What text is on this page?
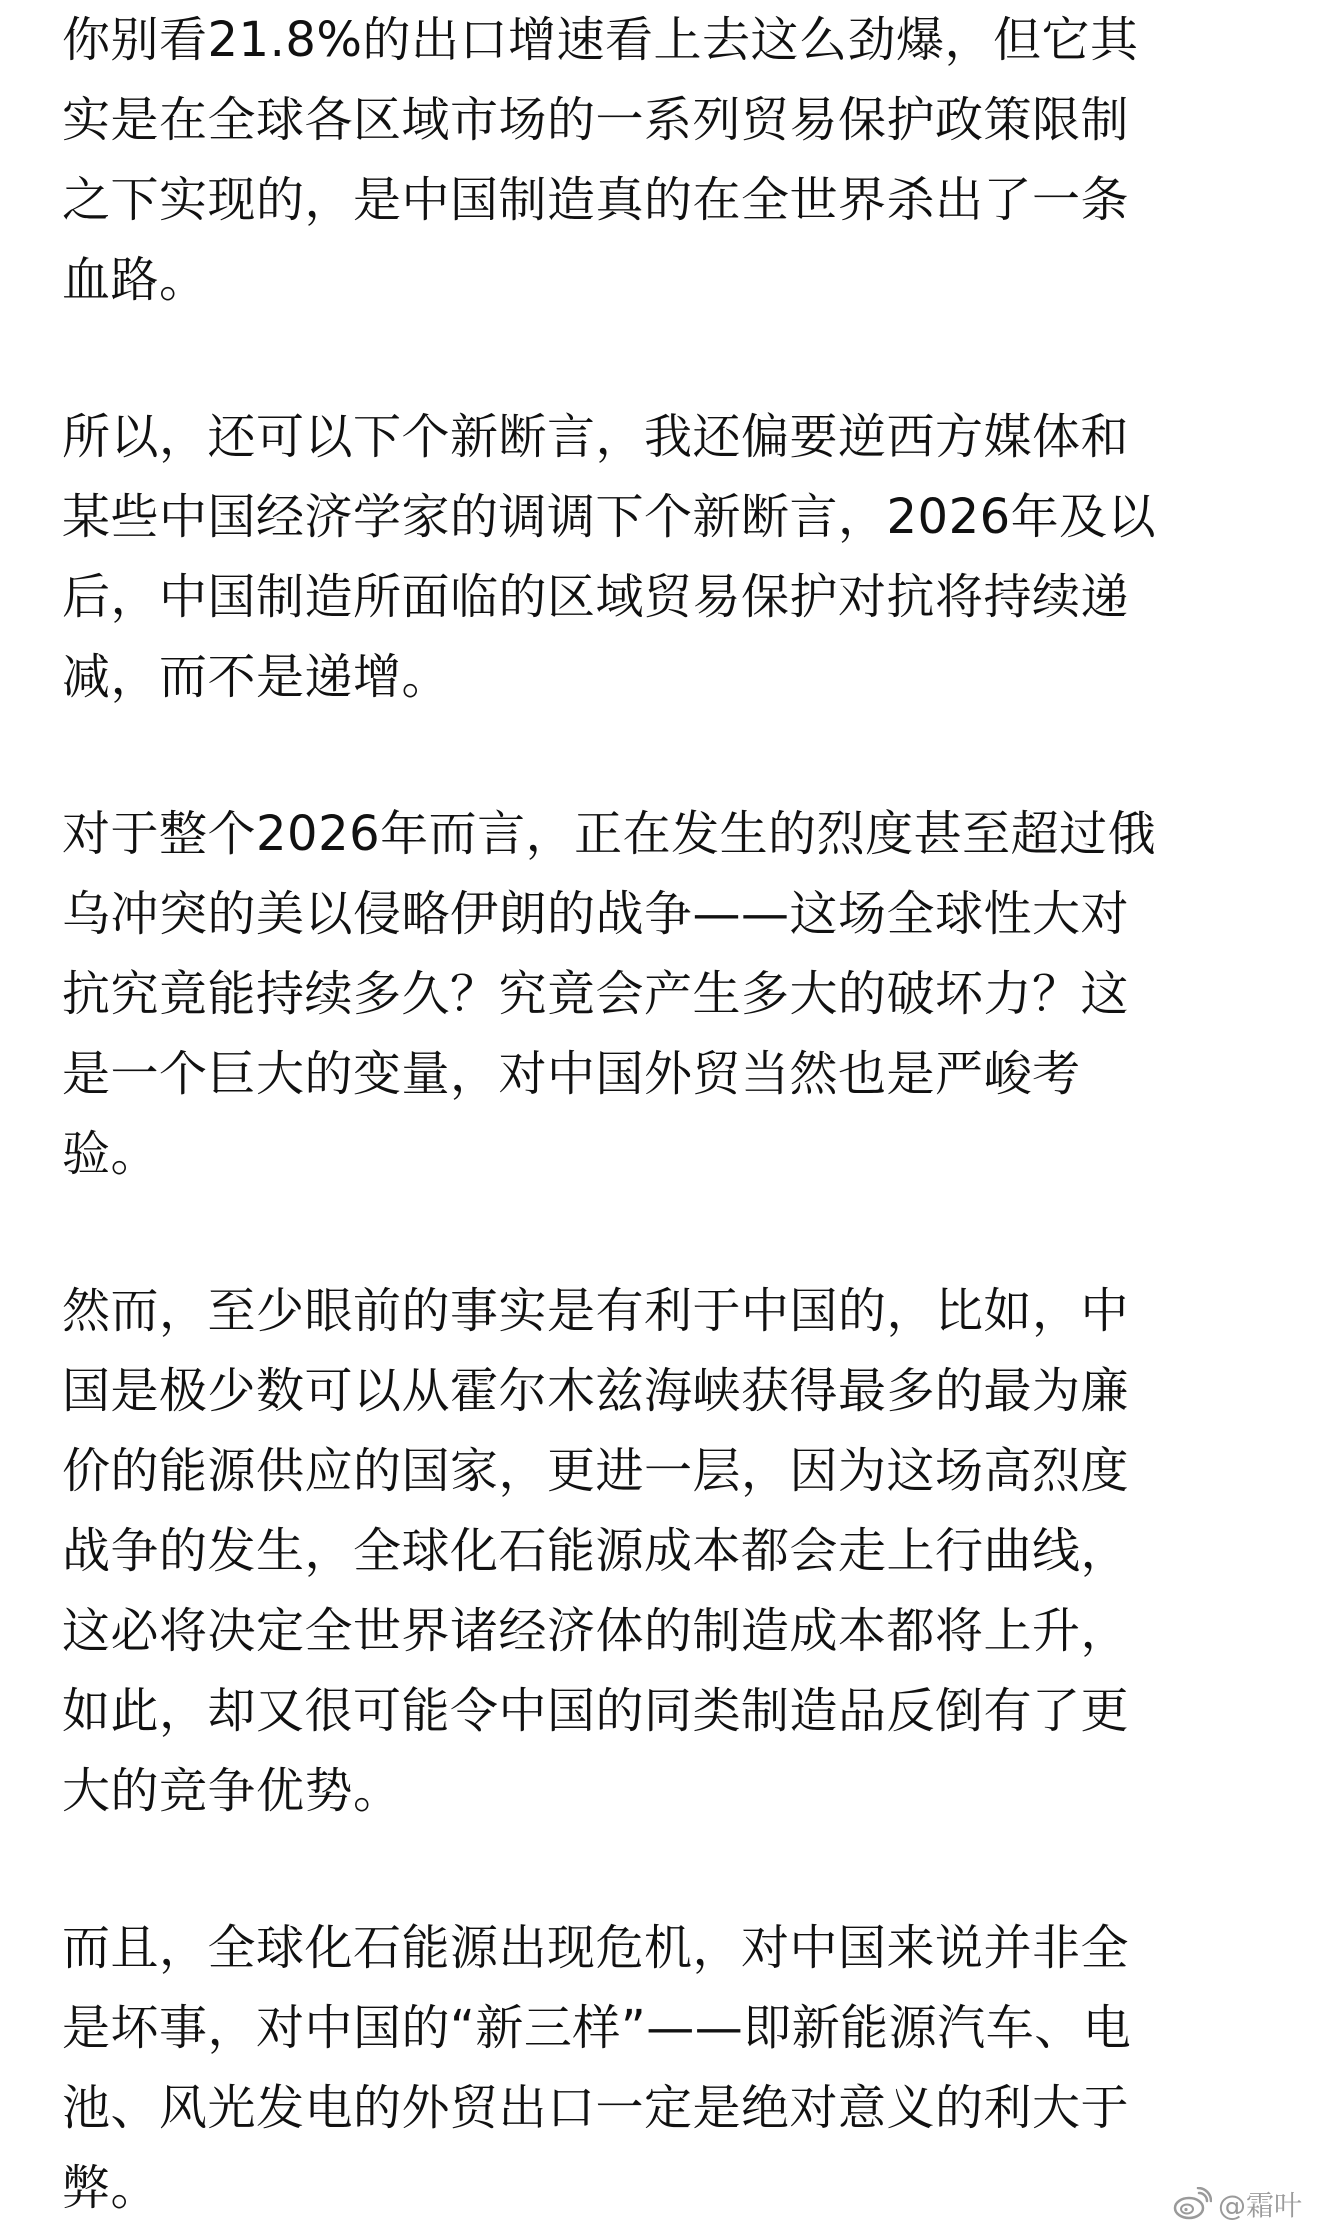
你别看21.8%的出口增速看上去这么劲爆，但它其
实是在全球各区域市场的一系列贸易保护政策限制
之下实现的，是中国制造真的在全世界杀出了一条
血路。
所以，还可以下个新断言，我还偏要逆西方媒体和
某些中国经济学家的调调下个新断言，2026年及以
后，中国制造所面临的区域贸易保护对抗将持续递
减，而不是递增。
对于整个2026年而言，正在发生的烈度甚至超过俄
乌冲突的美以侵略伊朗的战争——这场全球性大对
抗究竟能持续多久？究竟会产生多大的破坏力？这
是一个巨大的变量，对中国外贸当然也是严峻考
验。
然而，至少眼前的事实是有利于中国的，比如，中
国是极少数可以从霍尔木兹海峡获得最多的最为廉
价的能源供应的国家，更进一层，因为这场高烈度
战争的发生，全球化石能源成本都会走上行曲线，
这必将决定全世界诸经济体的制造成本都将上升，
如此，却又很可能令中国的同类制造品反倒有了更
大的竞争优势。
而且，全球化石能源出现危机，对中国来说并非全
是坏事，对中国的“新三样”——即新能源汽车、电
池、风光发电的外贸出口一定是绝对意义的利大于
弊。	@霜叶
